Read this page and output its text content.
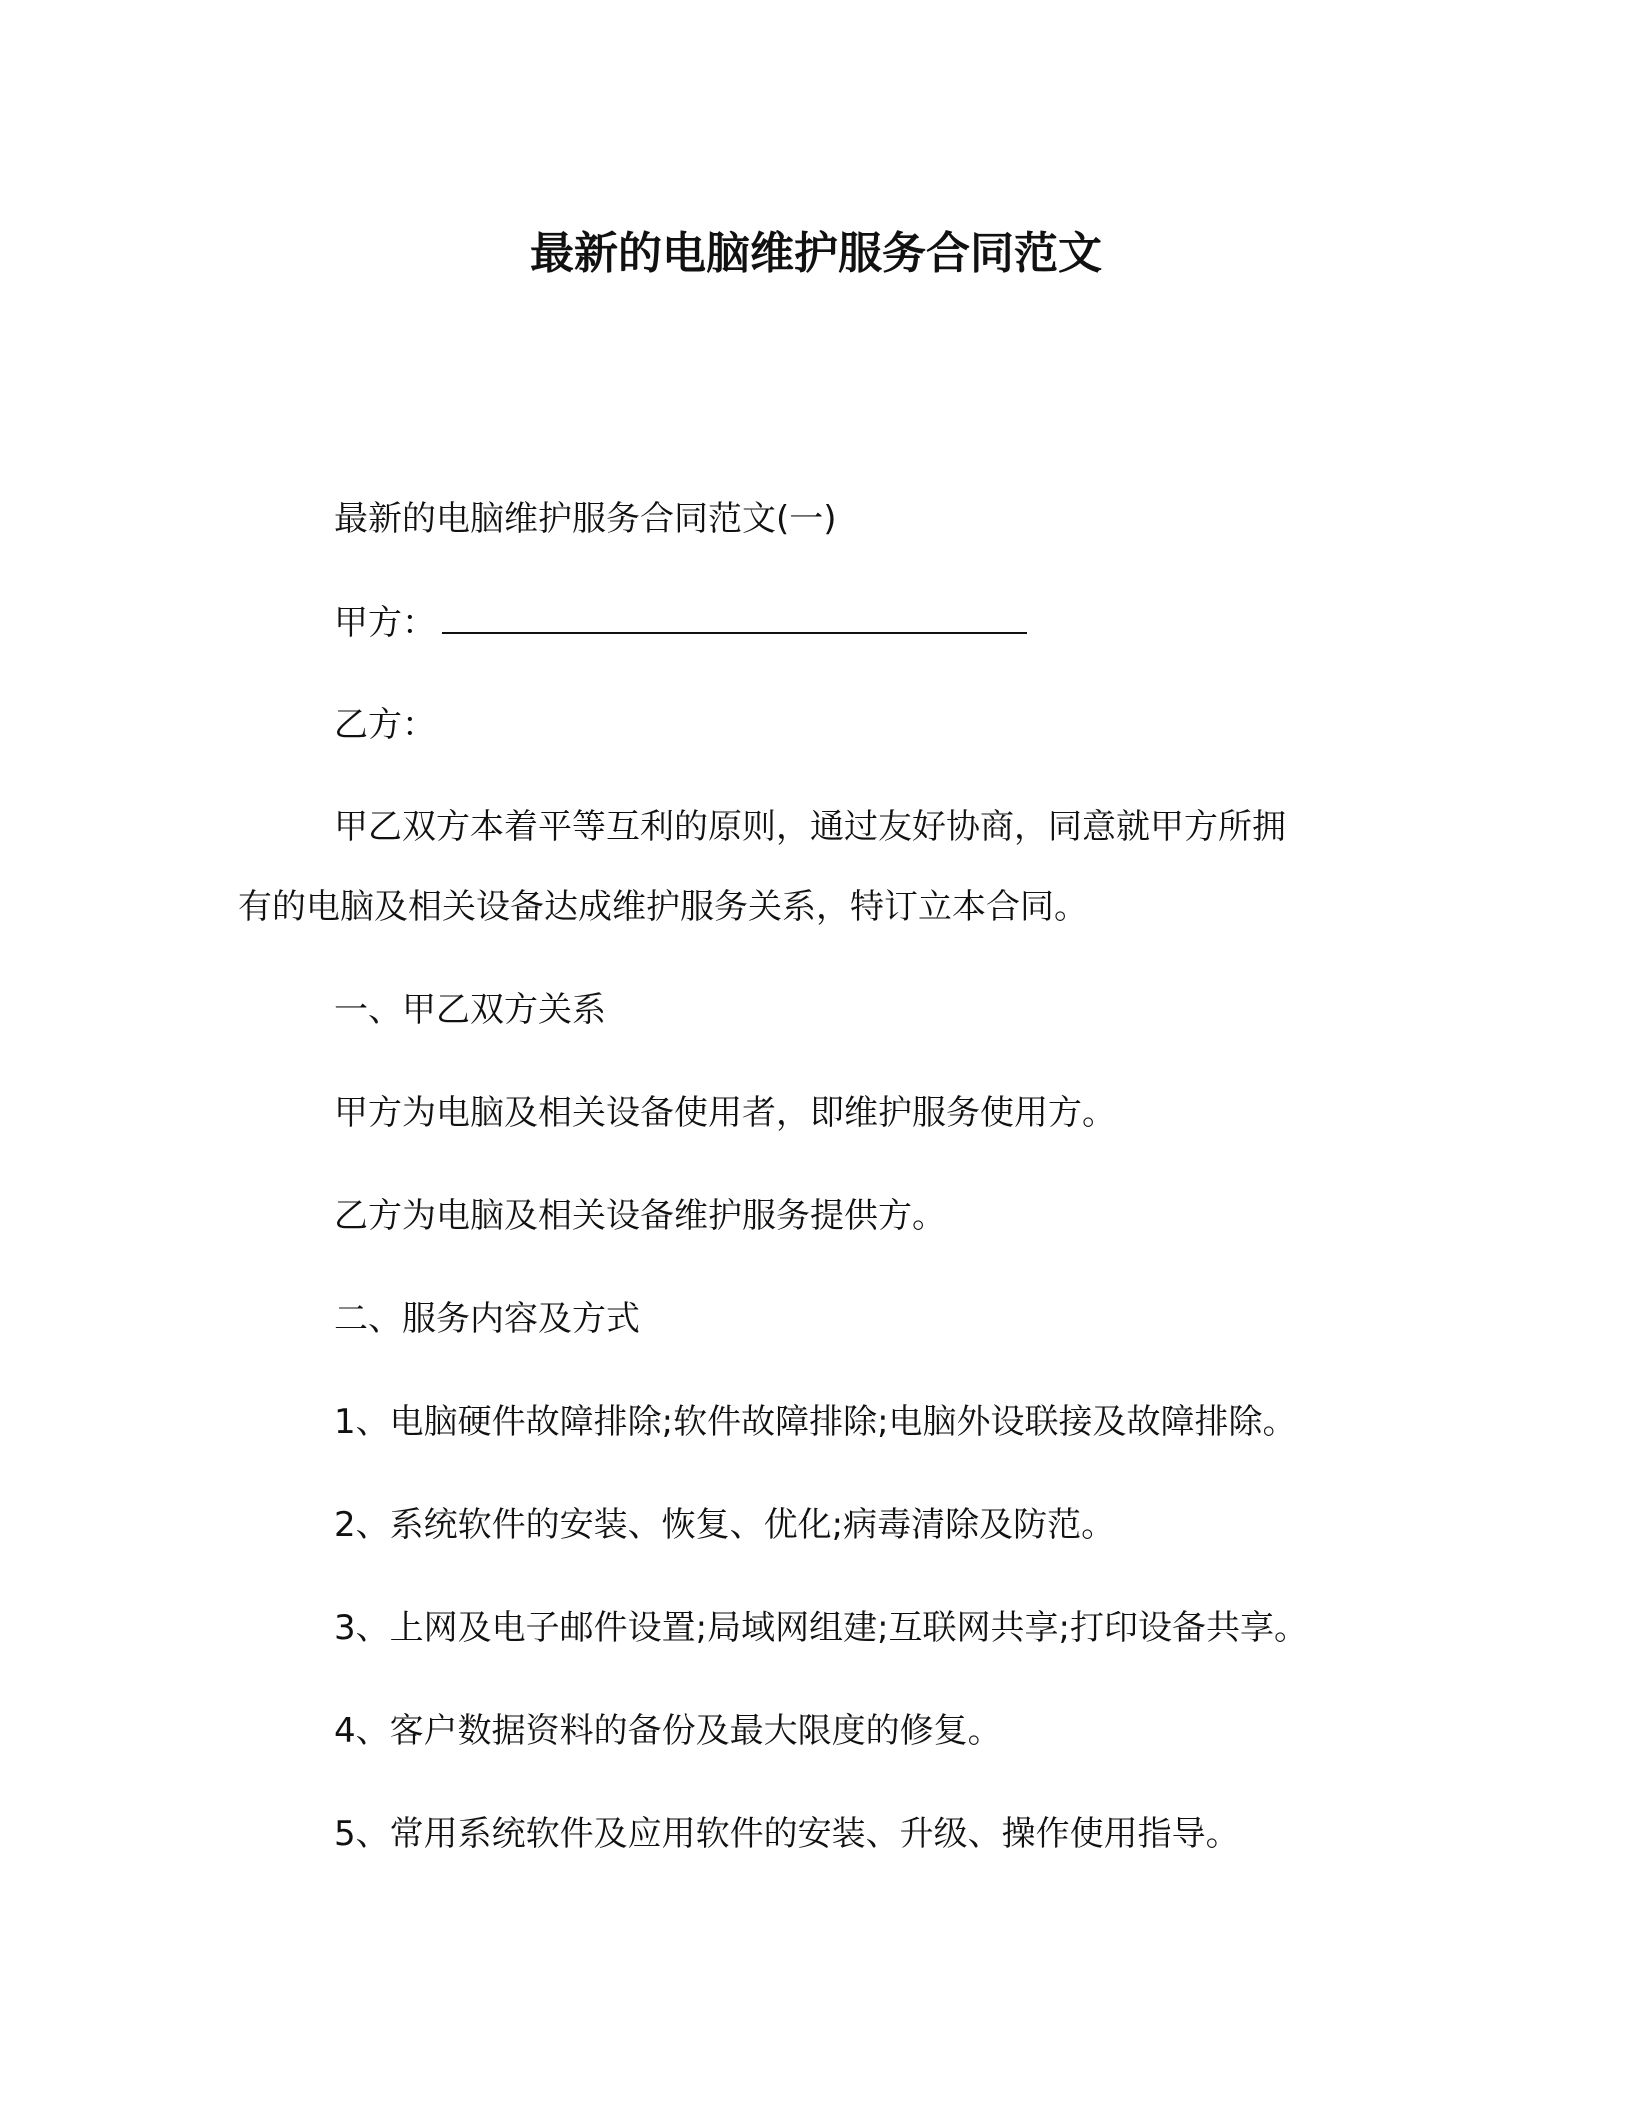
最新的电脑维护服务合同范文
最新的电脑维护服务合同范文(一)
甲方：
乙方：
甲乙双方本着平等互利的原则，通过友好协商，同意就甲方所拥
有的电脑及相关设备达成维护服务关系，特订立本合同。
一、甲乙双方关系
甲方为电脑及相关设备使用者，即维护服务使用方。
乙方为电脑及相关设备维护服务提供方。
二、服务内容及方式
1、电脑硬件故障排除;软件故障排除;电脑外设联接及故障排除。
2、系统软件的安装、恢复、优化;病毒清除及防范。
3、上网及电子邮件设置;局域网组建;互联网共享;打印设备共享。
4、客户数据资料的备份及最大限度的修复。
5、常用系统软件及应用软件的安装、升级、操作使用指导。
